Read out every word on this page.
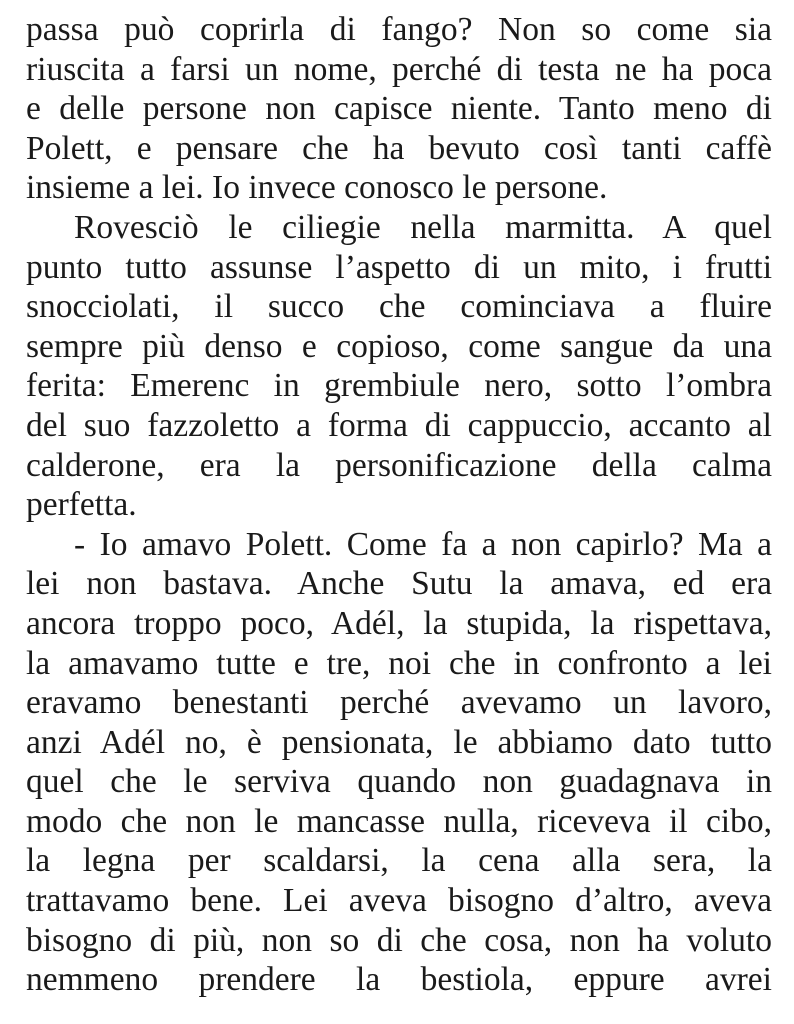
passa può coprirla di fango? Non so come sia
riuscita a farsi un nome, perché di testa ne ha poca
e delle persone non capisce niente. Tanto meno di
Polett, e pensare che ha bevuto così tanti caffè
insieme a lei. Io invece conosco le persone.
Rovesciò le ciliegie nella marmitta. A quel
punto tutto assunse l’aspetto di un mito, i frutti
snocciolati, il succo che cominciava a fluire
sempre più denso e copioso, come sangue da una
ferita: Emerenc in grembiule nero, sotto l’ombra
del suo fazzoletto a forma di cappuccio, accanto al
calderone, era la personificazione della calma
perfetta.
- Io amavo Polett. Come fa a non capirlo? Ma a
lei non bastava. Anche Sutu la amava, ed era
ancora troppo poco, Adél, la stupida, la rispettava,
la amavamo tutte e tre, noi che in confronto a lei
eravamo benestanti perché avevamo un lavoro,
anzi Adél no, è pensionata, le abbiamo dato tutto
quel che le serviva quando non guadagnava in
modo che non le mancasse nulla, riceveva il cibo,
la legna per scaldarsi, la cena alla sera, la
trattavamo bene. Lei aveva bisogno d’altro, aveva
bisogno di più, non so di che cosa, non ha voluto
nemmeno prendere la bestiola, eppure avrei
